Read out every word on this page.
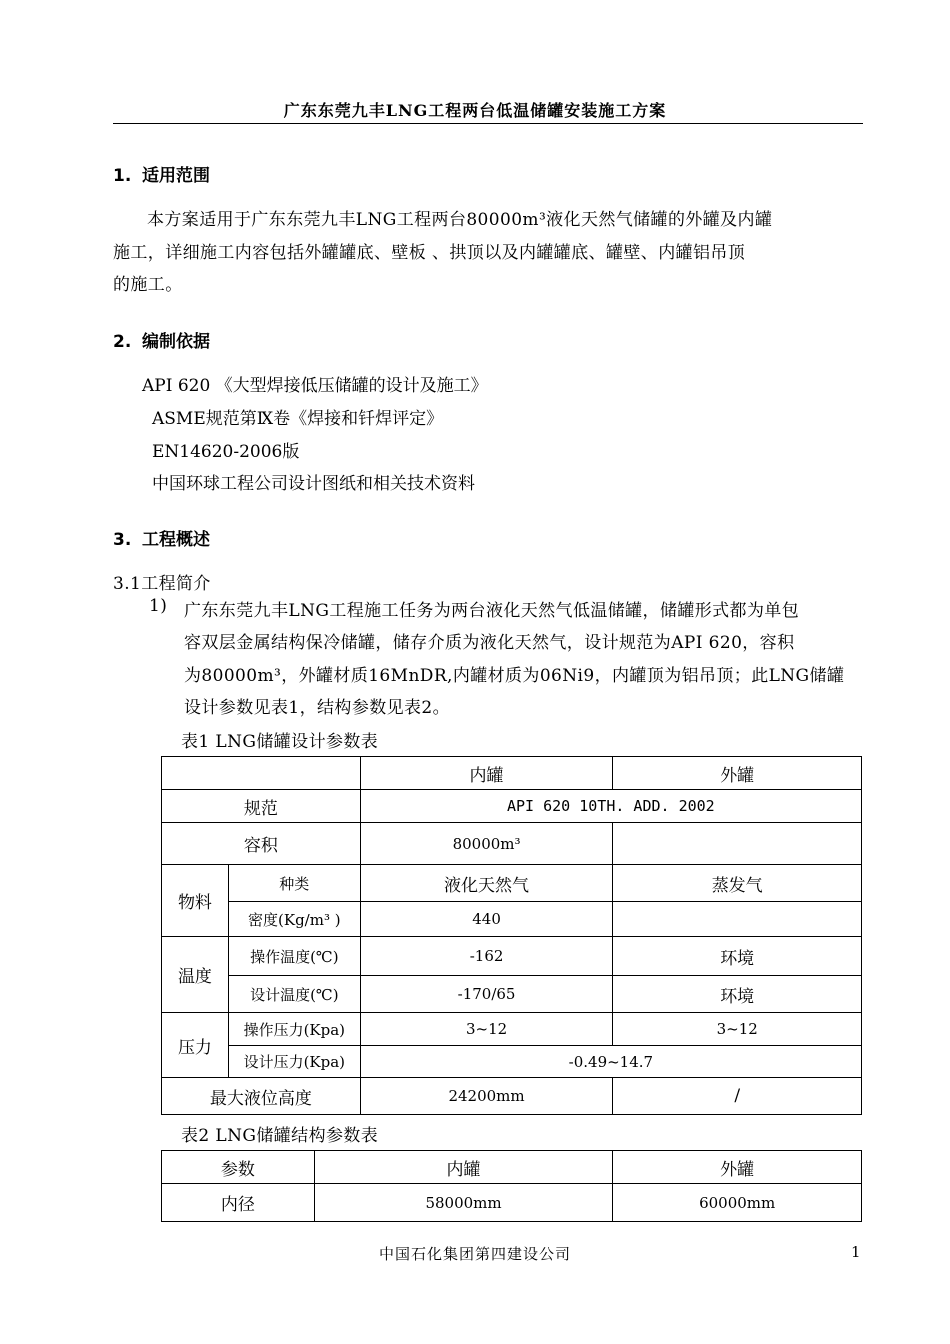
广东东莞九丰LNG工程两台低温储罐安装施工方案
1. 适用范围
本方案适用于广东东莞九丰LNG工程两台80000m³液化天然气储罐的外罐及内罐
施工，详细施工内容包括外罐罐底、壁板 、拱顶以及内罐罐底、罐壁、内罐铝吊顶
的施工。
2. 编制依据
API 620 《大型焊接低压储罐的设计及施工》
ASME规范第Ⅸ卷《焊接和钎焊评定》
EN14620-2006版
中国环球工程公司设计图纸和相关技术资料
3. 工程概述
3.1工程简介
1) 广东东莞九丰LNG工程施工任务为两台液化天然气低温储罐，储罐形式都为单包
容双层金属结构保冷储罐，储存介质为液化天然气，设计规范为API 620，容积
为80000m³，外罐材质16MnDR,内罐材质为06Ni9，内罐顶为铝吊顶；此LNG储罐
设计参数见表1，结构参数见表2。
表1 LNG储罐设计参数表
		内罐	外罐
规范		API 620 10TH. ADD. 2002	
容积		80000m³	
物料	种类	液化天然气	蒸发气
	密度(Kg/m³ )	440	
温度	操作温度(℃)	-162	环境
	设计温度(℃)	-170/65	环境
压力	操作压力(Kpa)	3~12	3~12
	设计压力(Kpa)	-0.49~14.7	
最大液位高度		24200mm	/
表2 LNG储罐结构参数表
参数	内罐	外罐
内径	58000mm	60000mm
中国石化集团第四建设公司	1
